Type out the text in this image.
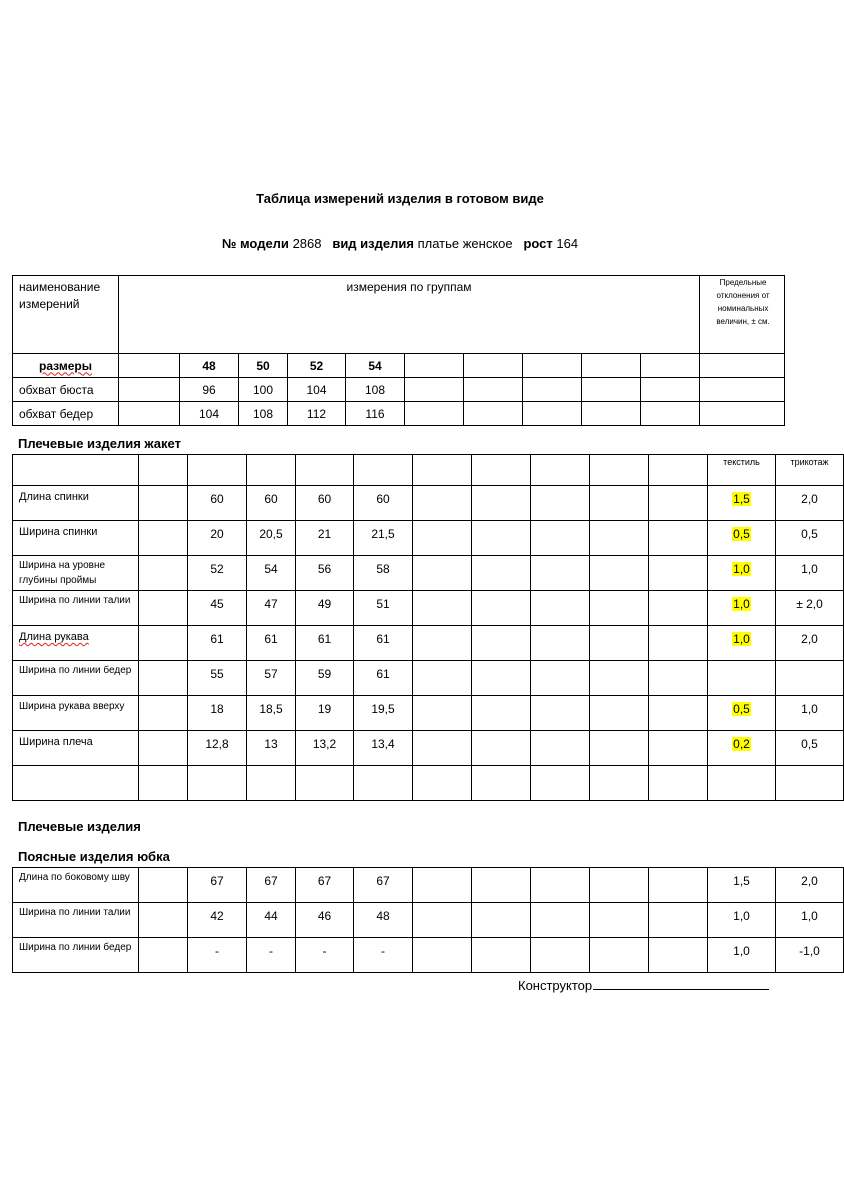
Таблица измерений изделия в готовом виде
№ модели 2868 вид изделия платье женское рост 164
наименование измерений	измерения по группам										Предельные отклонения от номинальных величин, ± см.
размеры		48	50	52	54						
обхват бюста		96	100	104	108						
обхват бедер		104	108	112	116						
Плечевые изделия жакет
											текстиль	трикотаж
Длина спинки		60	60	60	60						1,5	2,0
Ширина спинки		20	20,5	21	21,5						0,5	0,5
Ширина на уровне глубины проймы		52	54	56	58						1,0	1,0
Ширина по линии талии		45	47	49	51						1,0	± 2,0
Длина рукава		61	61	61	61						1,0	2,0
Ширина по линии бедер		55	57	59	61							
Ширина рукава вверху		18	18,5	19	19,5						0,5	1,0
Ширина плеча		12,8	13	13,2	13,4						0,2	0,5

Плечевые изделия
Поясные изделия юбка
Длина по боковому шву		67	67	67	67						1,5	2,0
Ширина по линии талии		42	44	46	48						1,0	1,0
Ширина по линии бедер		-	-	-	-						1,0	-1,0
Конструктор
